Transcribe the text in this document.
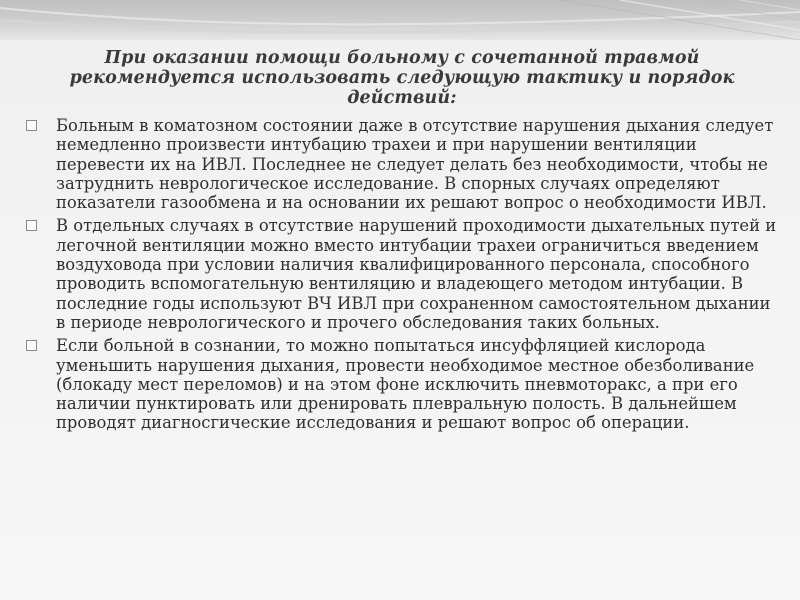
При оказании помощи больному с сочетанной травмой рекомендуется использовать следующую тактику и порядок действий:
Больным в коматозном состоянии даже в отсутствие нарушения дыхания следует немедленно произвести интубацию трахеи и при нарушении вентиляции перевести их на ИВЛ. Последнее не следует делать без необходимости, чтобы не затруднить неврологическое исследование. В спорных случаях определяют показатели газообмена и на основании их решают вопрос о необходимости ИВЛ.
В отдельных случаях в отсутствие нарушений проходимости дыхательных путей и легочной вентиляции можно вместо интубации трахеи ограничиться введением воздуховода при условии наличия квалифицированного персонала, способного проводить вспомогательную вентиляцию и владеющего методом интубации. В последние годы используют ВЧ ИВЛ при сохраненном самостоятельном дыхании в периоде неврологического и прочего обследования таких больных.
Если больной в сознании, то можно попытаться инсуффляцией кислорода уменьшить нарушения дыхания, провести необходимое местное обезболивание (блокаду мест переломов) и на этом фоне исключить пневмоторакс, а при его наличии пунктировать или дренировать плевральную полость. В дальнейшем проводят диагносгические исследования и решают вопрос об операции.
